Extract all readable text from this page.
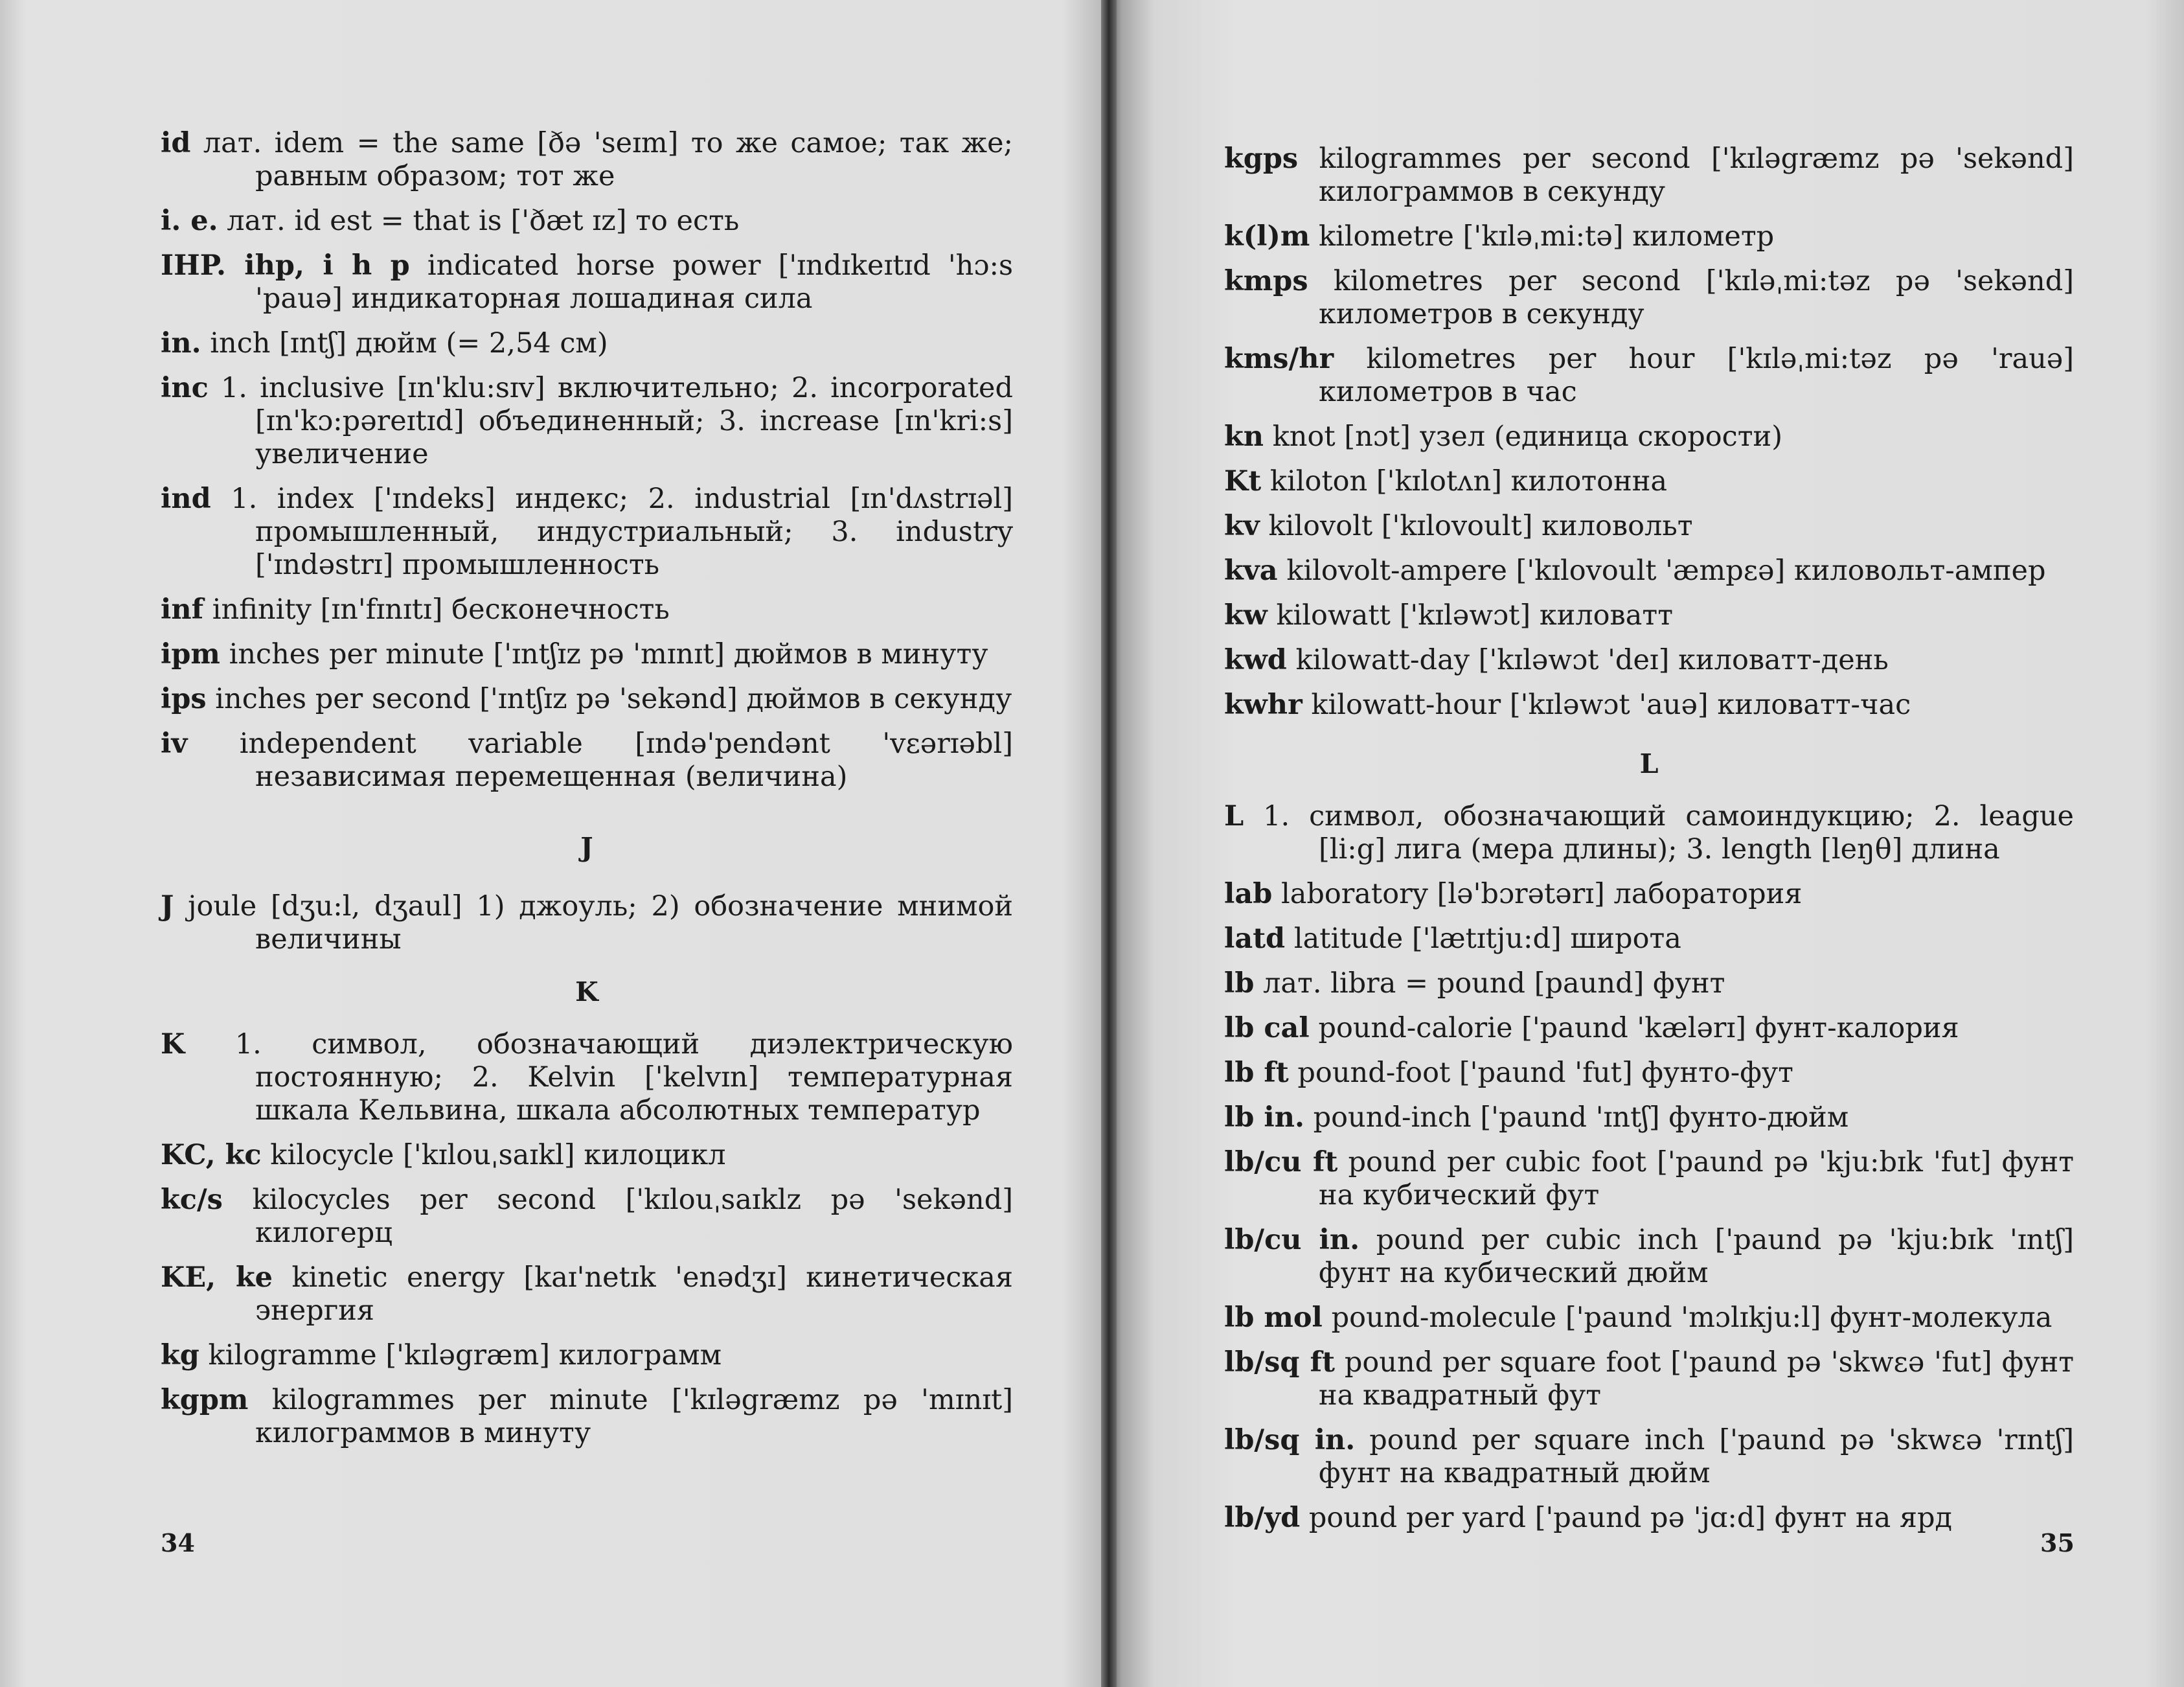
id лат. idem = the same [ðə 'seɪm] то же самое; так же; равным образом; тот же
i. e. лат. id est = that is ['ðæt ɪz] то есть
IHP. ihp, i h p indicated horse power ['ɪndɪkeɪtɪd 'hɔ:s 'pauə] индикаторная лошадиная сила
in. inch [ɪntʃ] дюйм (= 2,54 см)
inc 1. inclusive [ɪn'klu:sɪv] включительно; 2. incorporated [ɪn'kɔ:pəreɪtɪd] объединенный; 3. increase [ɪn'kri:s] увеличение
ind 1. index ['ɪndeks] индекс; 2. industrial [ɪn'dʌstrɪəl] промышленный, индустриальный; 3. industry ['ɪndəstrɪ] промышленность
inf infinity [ɪn'fɪnɪtɪ] бесконечность
ipm inches per minute ['ɪntʃɪz pə 'mɪnɪt] дюймов в минуту
ips inches per second ['ɪntʃɪz pə 'sekənd] дюймов в секунду
iv independent variable [ɪndə'pendənt 'vɛərɪəbl] независимая перемещенная (величина)
J
J joule [dʒu:l, dʒaul] 1) джоуль; 2) обозначение мнимой величины
K
K 1. символ, обозначающий диэлектрическую постоянную; 2. Kelvin ['kelvɪn] температурная шкала Кельвина, шкала абсолютных температур
KC, kc kilocycle ['kɪlouˌsaɪkl] килоцикл
kc/s kilocycles per second ['kɪlouˌsaɪklz pə 'sekənd] килогерц
KE, ke kinetic energy [kaɪ'netɪk 'enədʒɪ] кинетическая энергия
kg kilogramme ['kɪləgræm] килограмм
kgpm kilogrammes per minute ['kɪləgræmz pə 'mɪnɪt] килограммов в минуту
34
kgps kilogrammes per second ['kɪləgræmz pə 'sekənd] килограммов в секунду
k(l)m kilometre ['kɪləˌmi:tə] километр
kmps kilometres per second ['kɪləˌmi:təz pə 'sekənd] километров в секунду
kms/hr kilometres per hour ['kɪləˌmi:təz pə 'rauə] километров в час
kn knot [nɔt] узел (единица скорости)
Kt kiloton ['kɪlotʌn] килотонна
kv kilovolt ['kɪlovoult] киловольт
kva kilovolt-ampere ['kɪlovoult 'æmpɛə] киловольт-ампер
kw kilowatt ['kɪləwɔt] киловатт
kwd kilowatt-day ['kɪləwɔt 'deɪ] киловатт-день
kwhr kilowatt-hour ['kɪləwɔt 'auə] киловатт-час
L
L 1. символ, обозначающий самоиндукцию; 2. league [li:g] лига (мера длины); 3. length [leŋθ] длина
lab laboratory [lə'bɔrətərɪ] лаборатория
latd latitude ['lætɪtju:d] широта
lb лат. libra = pound [paund] фунт
lb cal pound-calorie ['paund 'kælərɪ] фунт-калория
lb ft pound-foot ['paund 'fut] фунто-фут
lb in. pound-inch ['paund 'ɪntʃ] фунто-дюйм
lb/cu ft pound per cubic foot ['paund pə 'kju:bɪk 'fut] фунт на кубический фут
lb/cu in. pound per cubic inch ['paund pə 'kju:bɪk 'ɪntʃ] фунт на кубический дюйм
lb mol pound-molecule ['paund 'mɔlɪkju:l] фунт-молекула
lb/sq ft pound per square foot ['paund pə 'skwɛə 'fut] фунт на квадратный фут
lb/sq in. pound per square inch ['paund pə 'skwɛə 'rɪntʃ] фунт на квадратный дюйм
lb/yd pound per yard ['paund pə 'jɑ:d] фунт на ярд
35
